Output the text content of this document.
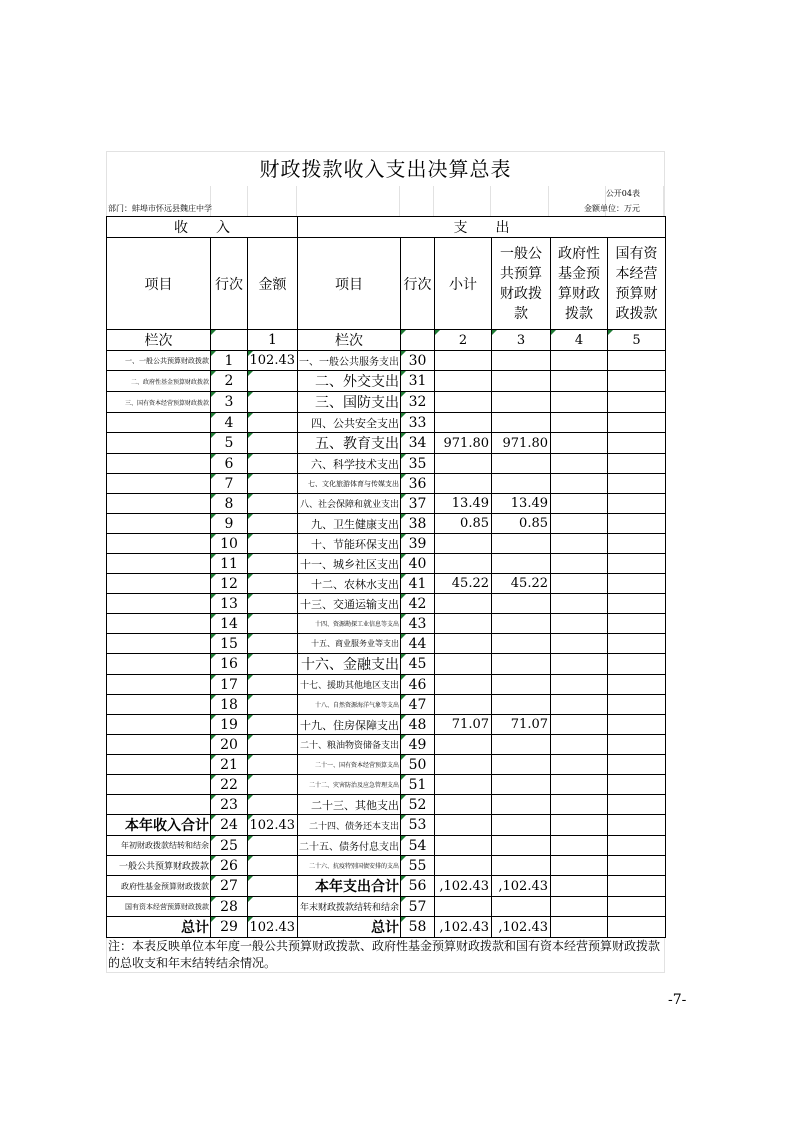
财政拨款收入支出决算总表
公开04表
部门：蚌埠市怀远县魏庄中学	金额单位：万元
收　　入			支　　出					
项目	行次	金额	项目	行次	小计	一般公共预算财政拨款	政府性基金预算财政拨款	国有资本经营预算财政拨款
栏次		1	栏次		2	3	4	5
一、一般公共预算财政拨款	1	102.43	一、一般公共服务支出	30				
二、政府性基金预算财政拨款	2		二、外交支出	31				
三、国有资本经营预算财政拨款	3		三、国防支出	32				
	4		四、公共安全支出	33				
	5		五、教育支出	34	971.80	971.80		
	6		六、科学技术支出	35				
	7		七、文化旅游体育与传媒支出	36				
	8		八、社会保障和就业支出	37	13.49	13.49		
	9		九、卫生健康支出	38	0.85	0.85		
	10		十、节能环保支出	39				
	11		十一、城乡社区支出	40				
	12		十二、农林水支出	41	45.22	45.22		
	13		十三、交通运输支出	42				
	14		十四、资源勘探工业信息等支出	43				
	15		十五、商业服务业等支出	44				
	16		十六、金融支出	45				
	17		十七、援助其他地区支出	46				
	18		十八、自然资源海洋气象等支出	47				
	19		十九、住房保障支出	48	71.07	71.07		
	20		二十、粮油物资储备支出	49				
	21		二十一、国有资本经营预算支出	50				
	22		二十二、灾害防治及应急管理支出	51				
	23		二十三、其他支出	52				
本年收入合计	24	102.43	二十四、债务还本支出	53				
年初财政拨款结转和结余	25		二十五、债务付息支出	54				
一般公共预算财政拨款	26		二十六、抗疫特别国债安排的支出	55				
政府性基金预算财政拨款	27		本年支出合计	56	,102.43	,102.43		
国有资本经营预算财政拨款	28		年末财政拨款结转和结余	57				
总计	29	102.43	总计	58	,102.43	,102.43		
注：本表反映单位本年度一般公共预算财政拨款、政府性基金预算财政拨款和国有资本经营预算财政拨款的总收支和年末结转结余情况。
-7-
